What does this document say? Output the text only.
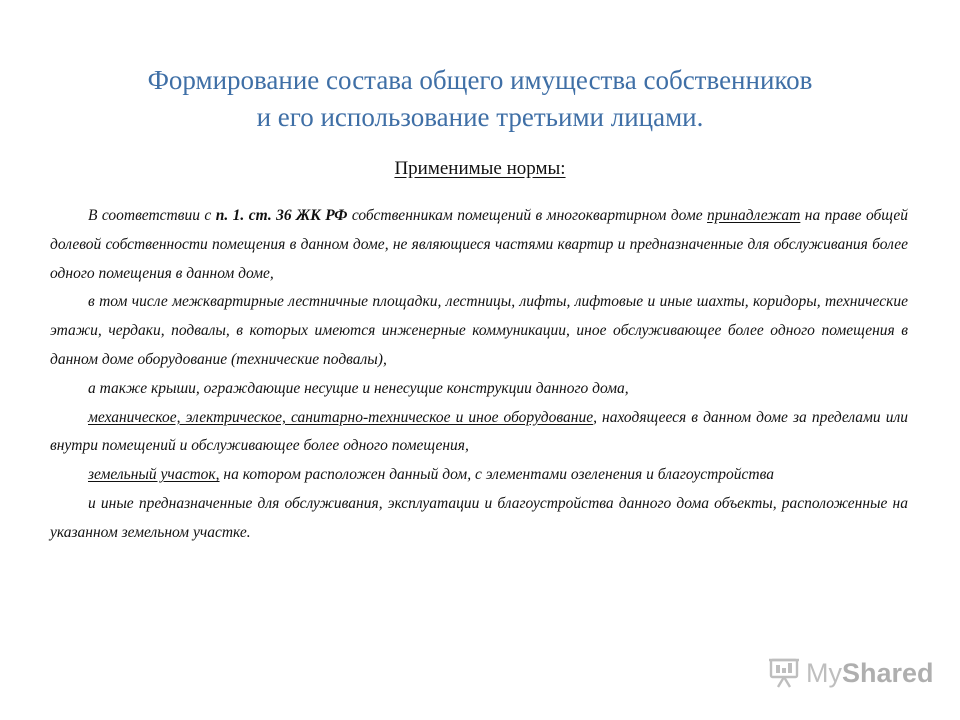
Формирование состава общего имущества собственников
и его использование третьими лицами.
Применимые нормы:

В соответствии с п. 1. ст. 36 ЖК РФ собственникам помещений в многоквартирном доме принадлежат на праве общей долевой собственности помещения в данном доме, не являющиеся частями квартир и предназначенные для обслуживания более одного помещения в данном доме,

в том числе межквартирные лестничные площадки, лестницы, лифты, лифтовые и иные шахты, коридоры, технические этажи, чердаки, подвалы, в которых имеются инженерные коммуникации, иное обслуживающее более одного помещения в данном доме оборудование (технические подвалы),

а также крыши, ограждающие несущие и ненесущие конструкции данного дома,

механическое, электрическое, санитарно-техническое и иное оборудование, находящееся в данном доме за пределами или внутри помещений и обслуживающее более одного помещения,

земельный участок, на котором расположен данный дом, с элементами озеленения и благоустройства

и иные предназначенные для обслуживания, эксплуатации и благоустройства данного дома объекты, расположенные на указанном земельном участке.

MyShared
